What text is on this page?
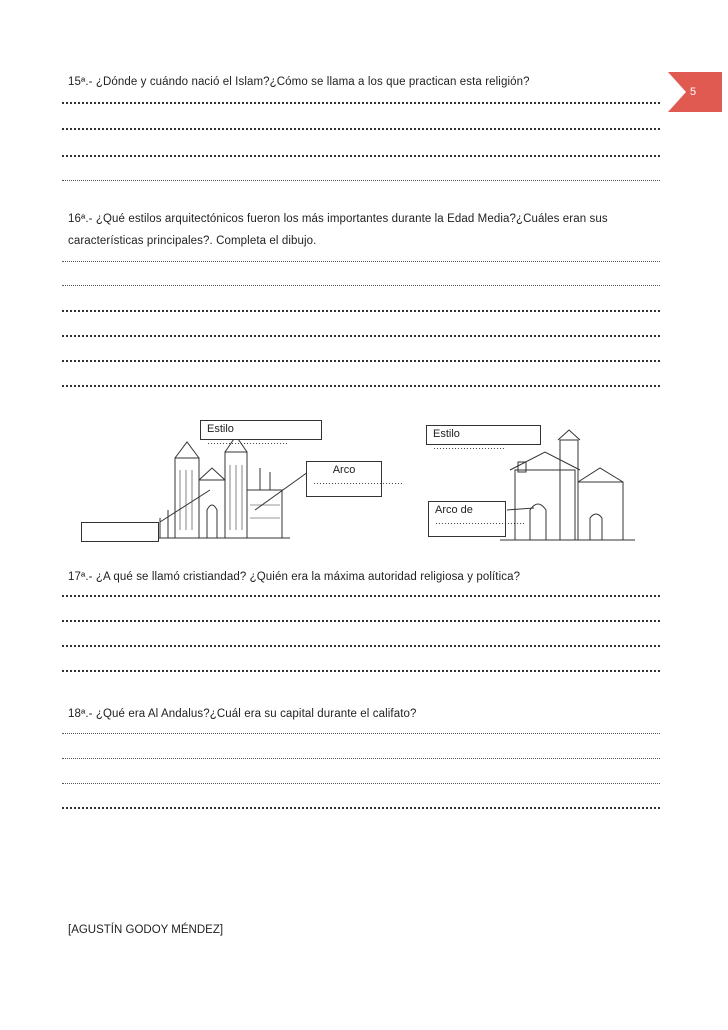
5
15ª.- ¿Dónde y cuándo nació el Islam?¿Cómo se llama a los que practican esta religión?
16ª.- ¿Qué estilos arquitectónicos fueron los más importantes durante la Edad Media?¿Cuáles eran sus
características principales?. Completa el dibujo.
Estilo ………………………
Arco
…………………………
Estilo ……………………
Arco de
…………………………
17ª.- ¿A qué se llamó cristiandad? ¿Quién era la máxima autoridad religiosa y política?
18ª.- ¿Qué era Al Andalus?¿Cuál era su capital durante el califato?
[AGUSTÍN GODOY MÉNDEZ]
